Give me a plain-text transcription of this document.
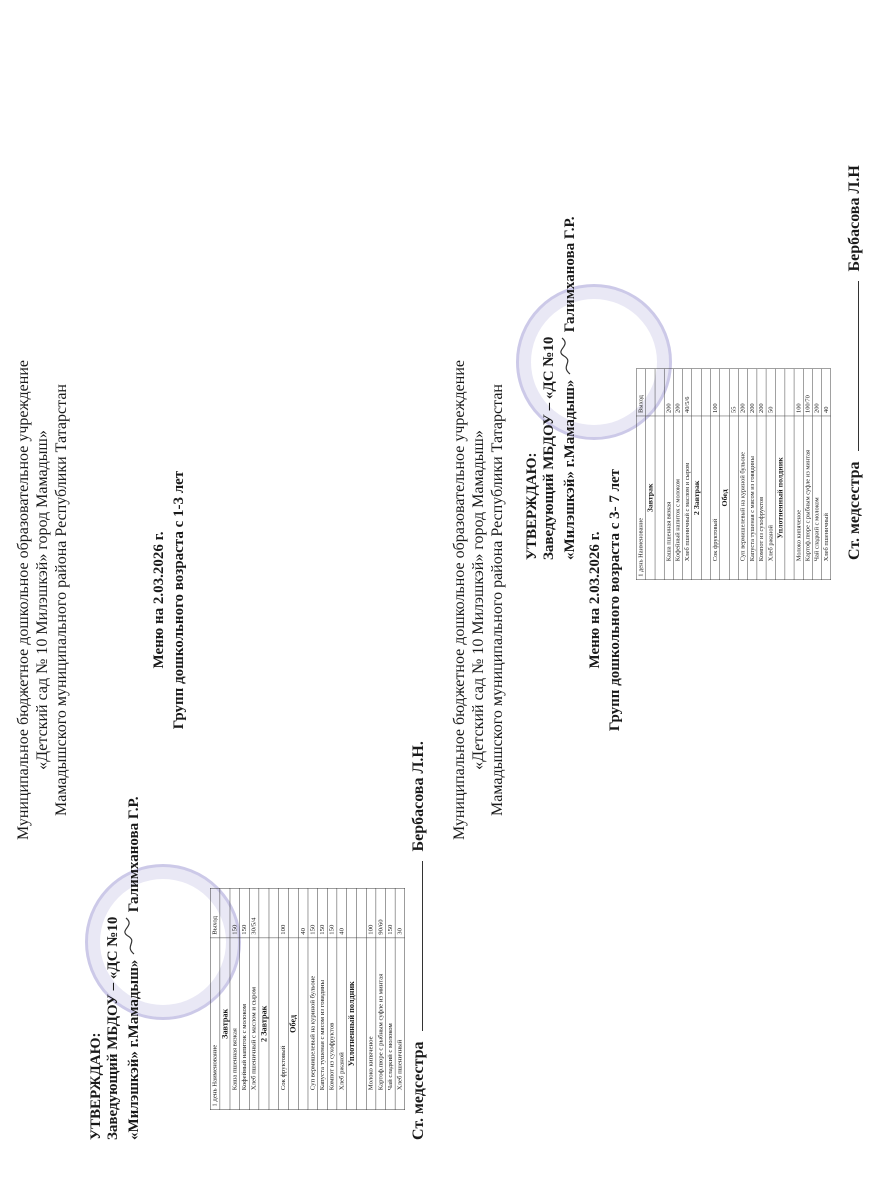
Муниципальное бюджетное дошкольное образовательное учреждение «Детский сад № 10 Милэшкэй» город Мамадыш» Мамадышского муниципального района Республики Татарстан
УТВЕРЖДАЮ: Заведующий МБДОУ – «ДС №10 «Милэшкэй» г.Мамадыш»  Галимханова Г.Р.
Меню на 2.03.2026 г. Групп дошкольного возраста с 1-3 лет
1 день Наименование	Выход
Завтрак	
Каша пшенная вязкая	150
Кофейный напиток с молоком	150
Хлеб пшеничный с маслом и сыром	30/5/4
2 Завтрак	

Сок фруктовый	100
Обед	
	40
Суп вермишелевый на куриной бульоне	150
Капуста тушеная с мясом из говядины	150
Компот из сухофруктов	150
Хлеб ржаной	40
Уплотненный полдник	

Молоко кипяченое	100
Картоф.пюре с рыбным суфле из минтая	90/60
Чай сладкий с молоком	150
Хлеб пшеничный	30
Ст. медсестра  Бербасова Л.Н. Муниципальное бюджетное дошкольное образовательное учреждение «Детский сад № 10 Милэшкэй» город Мамадыш» Мамадышского муниципального района Республики Татарстан УТВЕРЖДАЮ: Заведующий МБДОУ – «ДС №10 «Милэшкэй» г.Мамадыш»  Галимханова Г.Р.
Меню на 2.03.2026 г. Групп дошкольного возраста с 3- 7 лет 1 день Наименование	Выход
Завтрак	

Каша пшенная вязкая	200
Кофейный напиток с молоком	200
Хлеб пшеничный с маслом и сыром	40/5/6
2 Завтрак	

Сок фруктовый	100
Обед	
	55
Суп вермишелевый на куриной бульоне	200
Капуста тушеная с мясом из говядины	200
Компот из сухофруктов	200
Хлеб ржаной	50
Уплотненный полдник	

Молоко кипяченое	100
Картоф.пюре с рыбным суфле из минтая	100/70
Чай сладкий с молоком	200
Хлеб пшеничный	40
Ст. медсестра  Бербасова Л.Н
